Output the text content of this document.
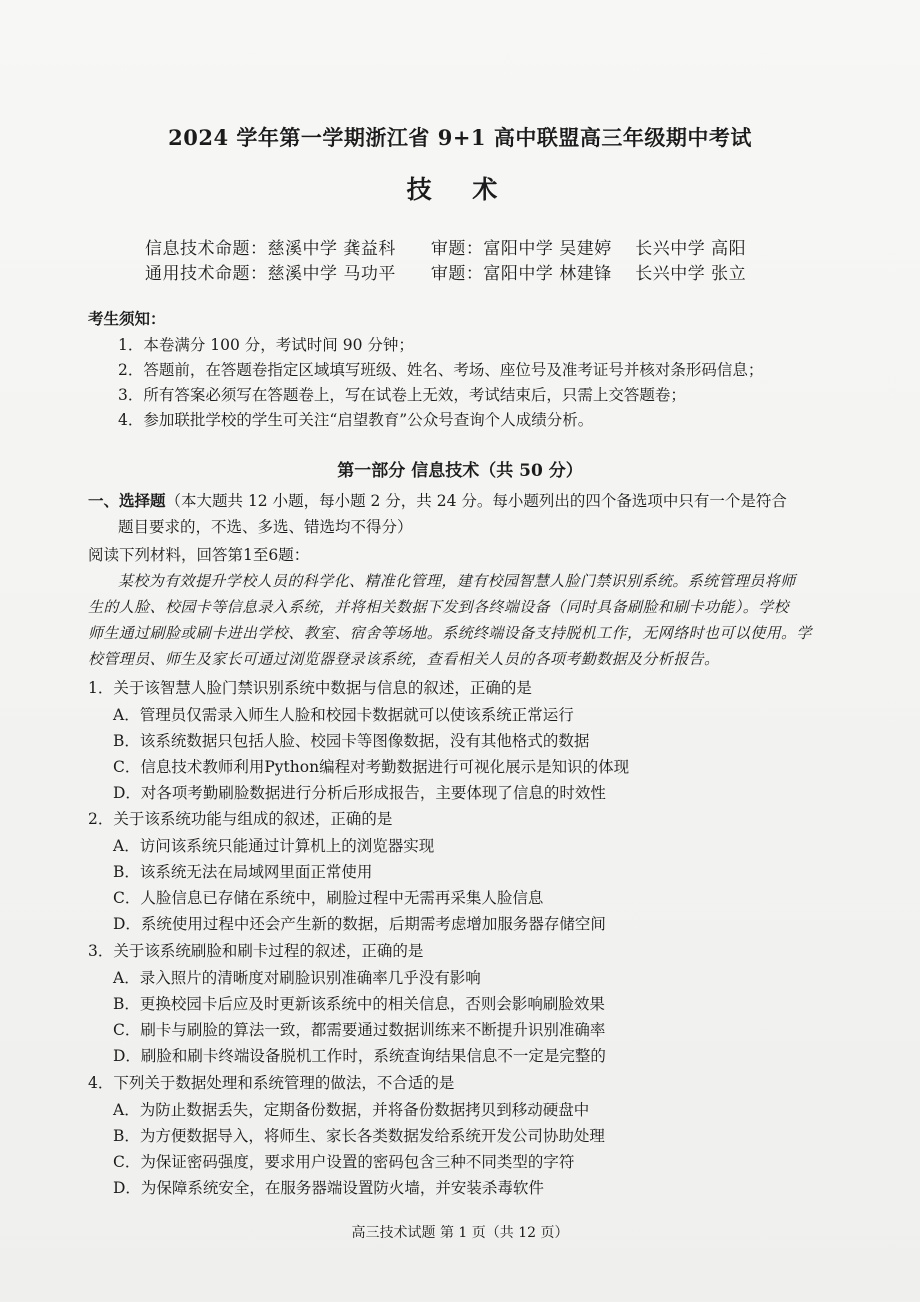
2024 学年第一学期浙江省 9+1 高中联盟高三年级期中考试
技 术
信息技术命题：慈溪中学 龚益科　　审题：富阳中学 吴建婷　 长兴中学 高阳
通用技术命题：慈溪中学 马功平　　审题：富阳中学 林建锋　 长兴中学 张立
考生须知：
1．本卷满分 100 分，考试时间 90 分钟；
2．答题前，在答题卷指定区域填写班级、姓名、考场、座位号及准考证号并核对条形码信息；
3．所有答案必须写在答题卷上，写在试卷上无效，考试结束后，只需上交答题卷；
4．参加联批学校的学生可关注“启望教育”公众号查询个人成绩分析。
第一部分 信息技术（共 50 分）
一、选择题（本大题共 12 小题，每小题 2 分，共 24 分。每小题列出的四个备选项中只有一个是符合
题目要求的，不选、多选、错选均不得分）
阅读下列材料，回答第1至6题：
某校为有效提升学校人员的科学化、精准化管理，建有校园智慧人脸门禁识别系统。系统管理员将师
生的人脸、校园卡等信息录入系统，并将相关数据下发到各终端设备（同时具备刷脸和刷卡功能）。学校
师生通过刷脸或刷卡进出学校、教室、宿舍等场地。系统终端设备支持脱机工作，无网络时也可以使用。学
校管理员、师生及家长可通过浏览器登录该系统，查看相关人员的各项考勤数据及分析报告。
1．关于该智慧人脸门禁识别系统中数据与信息的叙述，正确的是
A．管理员仅需录入师生人脸和校园卡数据就可以使该系统正常运行
B．该系统数据只包括人脸、校园卡等图像数据，没有其他格式的数据
C．信息技术教师利用Python编程对考勤数据进行可视化展示是知识的体现
D．对各项考勤刷脸数据进行分析后形成报告，主要体现了信息的时效性
2．关于该系统功能与组成的叙述，正确的是
A．访问该系统只能通过计算机上的浏览器实现
B．该系统无法在局域网里面正常使用
C．人脸信息已存储在系统中，刷脸过程中无需再采集人脸信息
D．系统使用过程中还会产生新的数据，后期需考虑增加服务器存储空间
3．关于该系统刷脸和刷卡过程的叙述，正确的是
A．录入照片的清晰度对刷脸识别准确率几乎没有影响
B．更换校园卡后应及时更新该系统中的相关信息，否则会影响刷脸效果
C．刷卡与刷脸的算法一致，都需要通过数据训练来不断提升识别准确率
D．刷脸和刷卡终端设备脱机工作时，系统查询结果信息不一定是完整的
4．下列关于数据处理和系统管理的做法，不合适的是
A．为防止数据丢失，定期备份数据，并将备份数据拷贝到移动硬盘中
B．为方便数据导入，将师生、家长各类数据发给系统开发公司协助处理
C．为保证密码强度，要求用户设置的密码包含三种不同类型的字符
D．为保障系统安全，在服务器端设置防火墙，并安装杀毒软件
高三技术试题 第 1 页（共 12 页）
